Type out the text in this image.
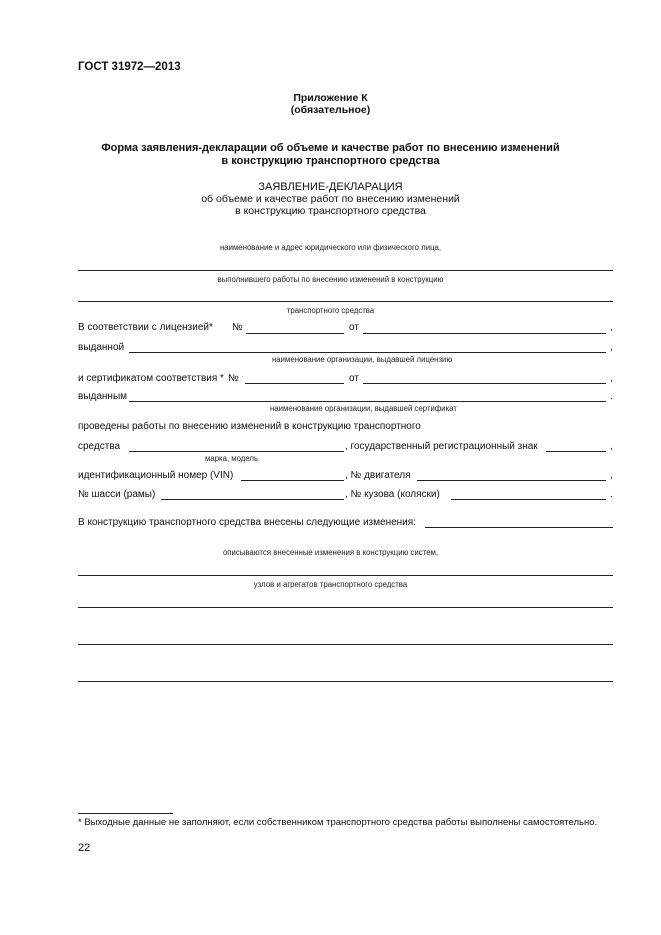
ГОСТ 31972—2013
Приложение К
(обязательное)
Форма заявления-декларации об объеме и качестве работ по внесению изменений
в конструкцию транспортного средства
ЗАЯВЛЕНИЕ-ДЕКЛАРАЦИЯ
об объеме и качестве работ по внесению изменений
в конструкцию транспортного средства
наименование и адрес юридического или физического лица,
выполнившего работы по внесению изменений в конструкцию
транспортного средства
В соответствии с лицензией* №	от	,
выданной	,
наименование организации, выдавшей лицензию
и сертификатом соответствия * №	от	,
выданным	.
наименование организации, выдавшей сертификат
проведены работы по внесению изменений в конструкцию транспортного
средства	, государственный регистрационный знак	,
марка, модель
идентификационный номер (VIN)	, № двигателя	,
№ шасси (рамы)	, № кузова (коляски)	.
В конструкцию транспортного средства внесены следующие изменения:
описываются внесенные изменения в конструкцию систем,
узлов и агрегатов транспортного средства
* Выходные данные не заполняют, если собственником транспортного средства работы выполнены самостоятельно.
22
